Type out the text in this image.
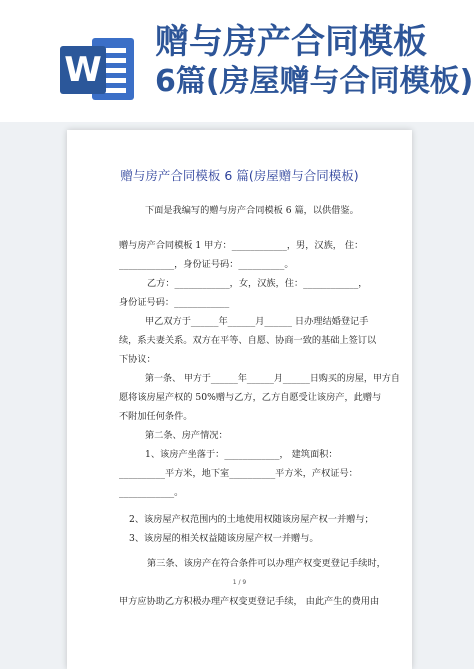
W
赠与房产合同模板
6篇(房屋赠与合同模板)
赠与房产合同模板 6 篇(房屋赠与合同模板)
下面是我编写的赠与房产合同模板 6 篇，以供借鉴。
赠与房产合同模板 1 甲方：____________，男，汉族， 住：
____________，身份证号码：__________。
乙方：____________，女，汉族，住：____________，
身份证号码：____________
甲乙双方于______年______月______ 日办理结婚登记手
续，系夫妻关系。双方在平等、自愿、协商一致的基础上签订以
下协议：
第一条、 甲方于______年______月______日购买的房屋，甲方自
愿将该房屋产权的 50%赠与乙方，乙方自愿受让该房产，此赠与
不附加任何条件。
第二条、房产情况：
1、该房产坐落于：____________， 建筑面积：
__________平方米，地下室__________平方米，产权证号：
____________。
2、该房屋产权范围内的土地使用权随该房屋产权一并赠与；
3、该房屋的相关权益随该房屋产权一并赠与。
第三条、该房产在符合条件可以办理产权变更登记手续时，
甲方应协助乙方积极办理产权变更登记手续， 由此产生的费用由
1 / 9
